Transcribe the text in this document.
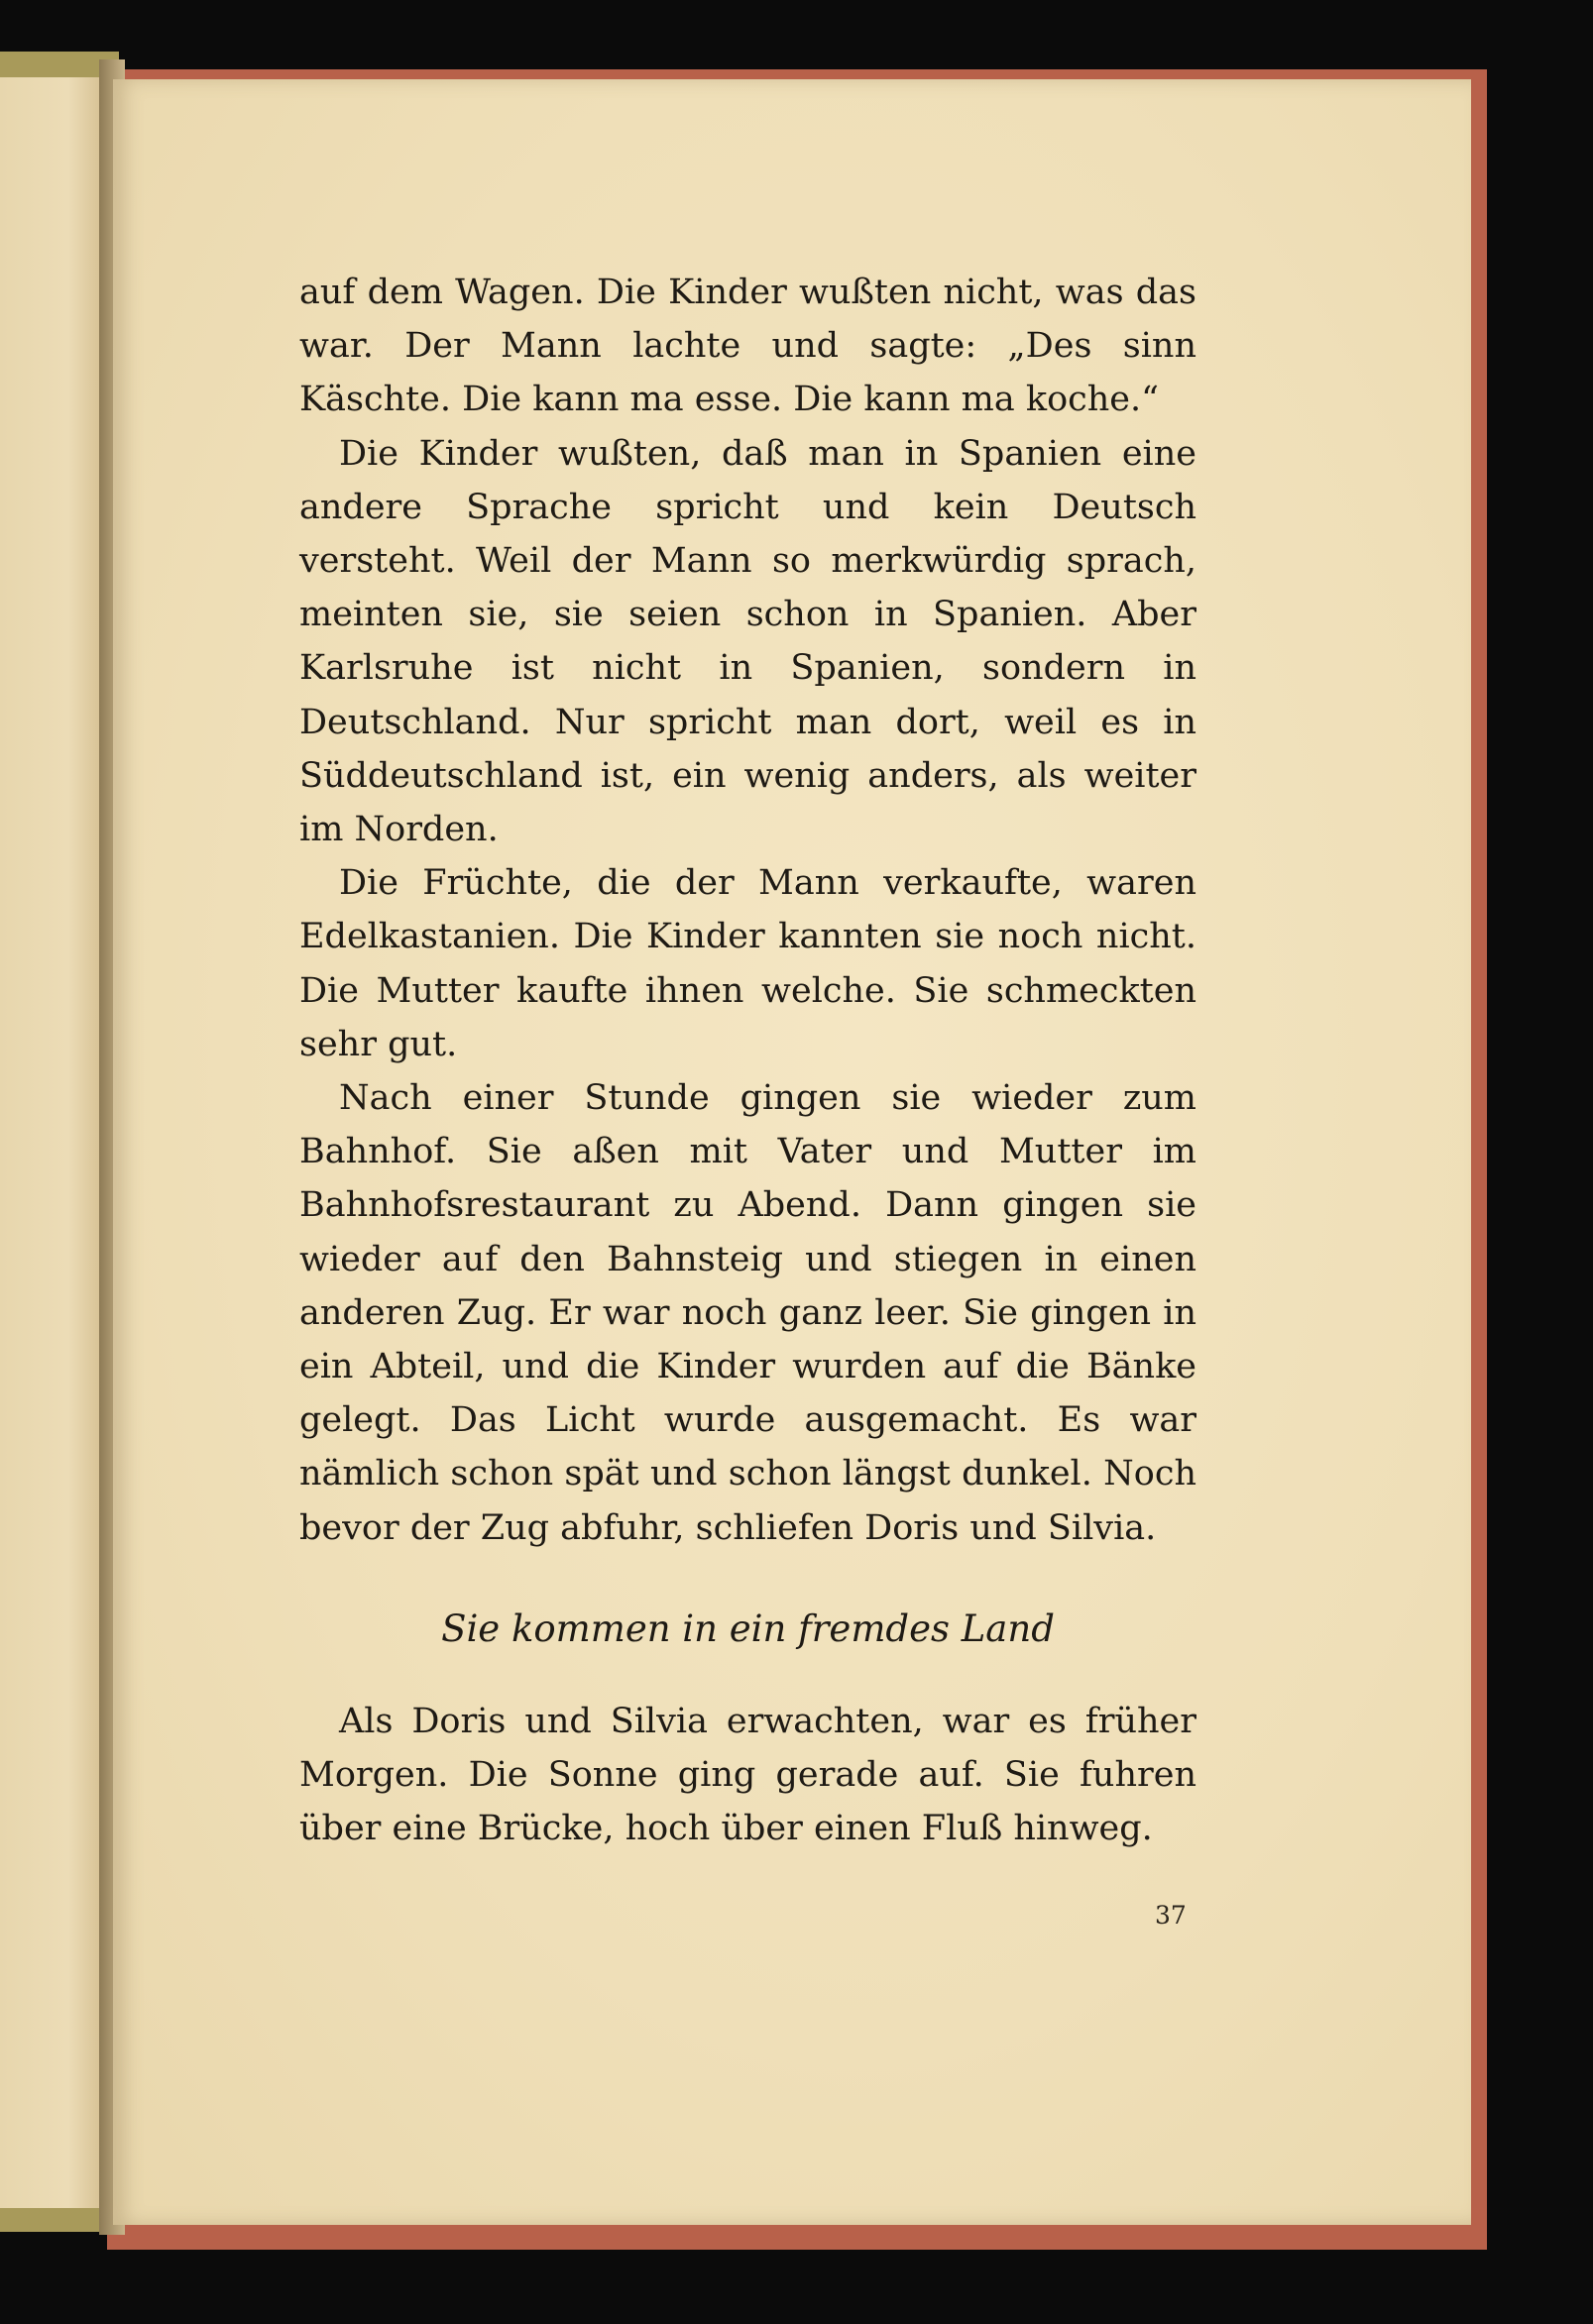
auf dem Wagen. Die Kinder wußten nicht, was das war. Der Mann lachte und sagte: „Des sinn Käschte. Die kann ma esse. Die kann ma koche.“

Die Kinder wußten, daß man in Spanien eine andere Sprache spricht und kein Deutsch versteht. Weil der Mann so merkwürdig sprach, meinten sie, sie seien schon in Spanien. Aber Karlsruhe ist nicht in Spanien, sondern in Deutschland. Nur spricht man dort, weil es in Süddeutschland ist, ein wenig anders, als weiter im Norden.

Die Früchte, die der Mann verkaufte, waren Edelkastanien. Die Kinder kannten sie noch nicht. Die Mutter kaufte ihnen welche. Sie schmeckten sehr gut.

Nach einer Stunde gingen sie wieder zum Bahnhof. Sie aßen mit Vater und Mutter im Bahnhofsrestaurant zu Abend. Dann gingen sie wieder auf den Bahnsteig und stiegen in einen anderen Zug. Er war noch ganz leer. Sie gingen in ein Abteil, und die Kinder wurden auf die Bänke gelegt. Das Licht wurde ausgemacht. Es war nämlich schon spät und schon längst dunkel. Noch bevor der Zug abfuhr, schliefen Doris und Silvia.

Sie kommen in ein fremdes Land

Als Doris und Silvia erwachten, war es früher Morgen. Die Sonne ging gerade auf. Sie fuhren über eine Brücke, hoch über einen Fluß hinweg.

37
